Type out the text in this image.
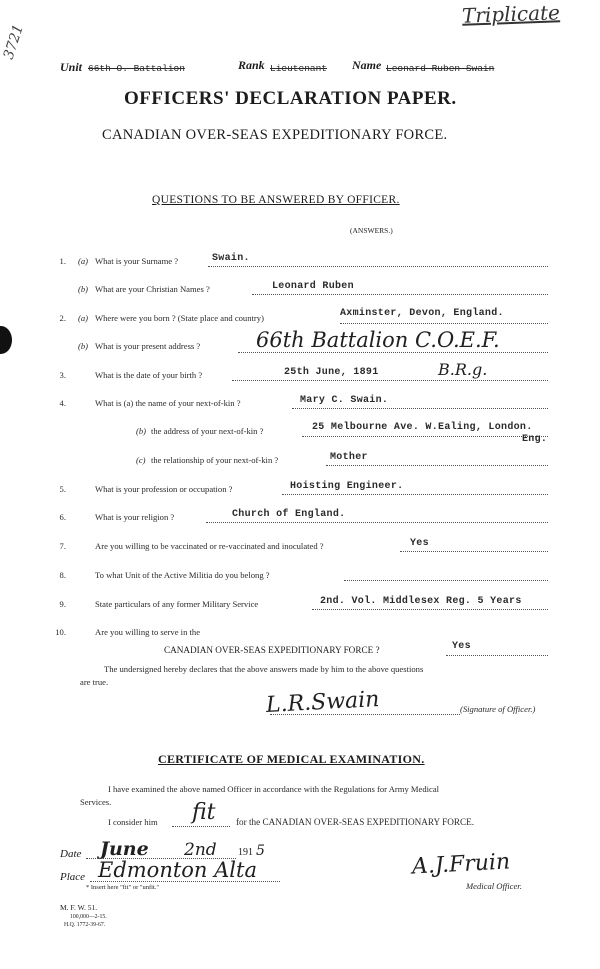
Triplicate
3721
Unit 66th O. Battalion	Rank Lieutenant Name Leonard Ruben Swain
OFFICERS' DECLARATION PAPER.
CANADIAN OVER-SEAS EXPEDITIONARY FORCE.
QUESTIONS TO BE ANSWERED BY OFFICER.
(ANSWERS.)
1. (a) What is your Surname ?	Swain.
(b) What are your Christian Names ?	Leonard Ruben
2. (a) Where were you born ? (State place and country)	Axminster, Devon, England.
(b) What is your present address ?	66th Battalion C.O.E.F.
3.	What is the date of your birth ?	25th June, 1891	B.R.g.
4.	What is (a) the name of your next-of-kin ?	Mary C. Swain.
(b) the address of your next-of-kin ?	25 Melbourne Ave. W.Ealing, London.
Eng.
(c) the relationship of your next-of-kin ?	Mother
5.	What is your profession or occupation ?	Hoisting Engineer.
6.	What is your religion ?	Church of England.
7.	Are you willing to be vaccinated or re-vaccinated and inoculated ?	Yes
8.	To what Unit of the Active Militia do you belong ?
9.	State particulars of any former Military Service	2nd. Vol. Middlesex Reg. 5 Years
10.	Are you willing to serve in the
CANADIAN OVER-SEAS EXPEDITIONARY FORCE ?	Yes
The undersigned hereby declares that the above answers made by him to the above questions
are true.
L.R.Swain	(Signature of Officer.)
CERTIFICATE OF MEDICAL EXAMINATION.
I have examined the above named Officer in accordance with the Regulations for Army Medical
Services.
I consider him fit for the CANADIAN OVER-SEAS EXPEDITIONARY FORCE.
Date June 2nd 191 5
Place Edmonton Alta
* Insert here "fit" or "unfit."
A.J.Fruin
Medical Officer.
M. F. W. 51.
100,000—2-15.
H.Q. 1772-39-67.
